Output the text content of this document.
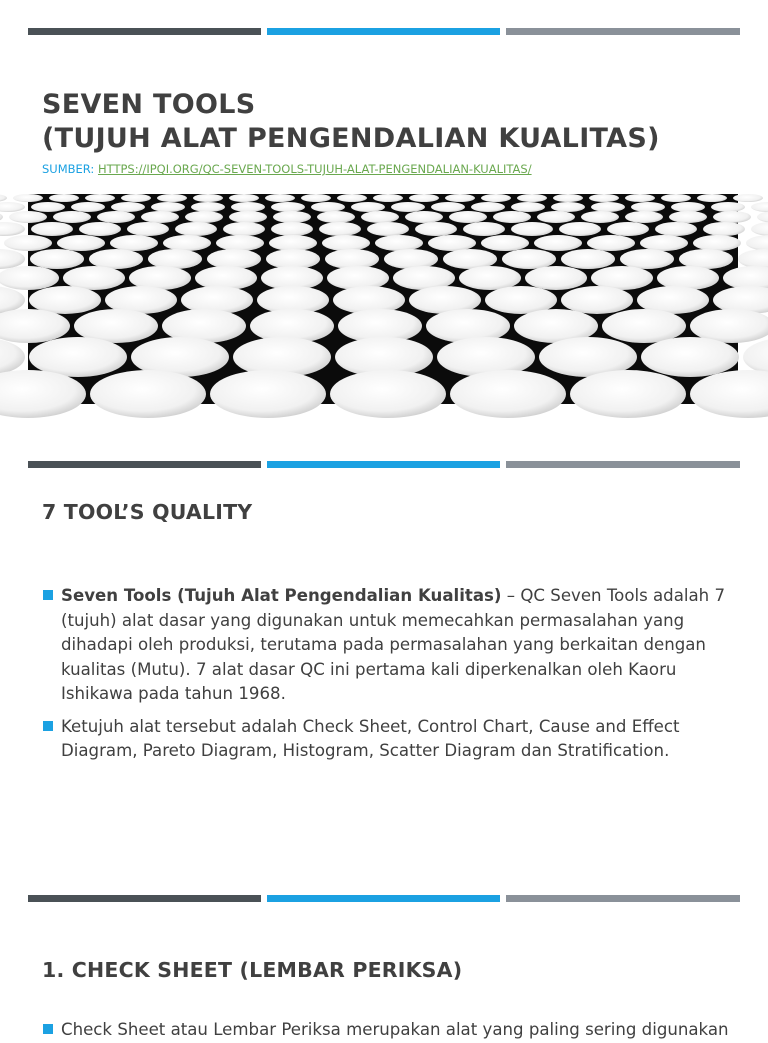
SEVEN TOOLS
(TUJUH ALAT PENGENDALIAN KUALITAS)
SUMBER: HTTPS://IPQI.ORG/QC-SEVEN-TOOLS-TUJUH-ALAT-PENGENDALIAN-KUALITAS/
7 TOOL’S QUALITY
Seven Tools (Tujuh Alat Pengendalian Kualitas) – QC Seven Tools adalah 7 (tujuh) alat dasar yang digunakan untuk memecahkan permasalahan yang dihadapi oleh produksi, terutama pada permasalahan yang berkaitan dengan kualitas (Mutu). 7 alat dasar QC ini pertama kali diperkenalkan oleh Kaoru Ishikawa pada tahun 1968.
Ketujuh alat tersebut adalah Check Sheet, Control Chart, Cause and Effect Diagram, Pareto Diagram, Histogram, Scatter Diagram dan Stratification.
1. CHECK SHEET (LEMBAR PERIKSA)
Check Sheet atau Lembar Periksa merupakan alat yang paling sering digunakan
